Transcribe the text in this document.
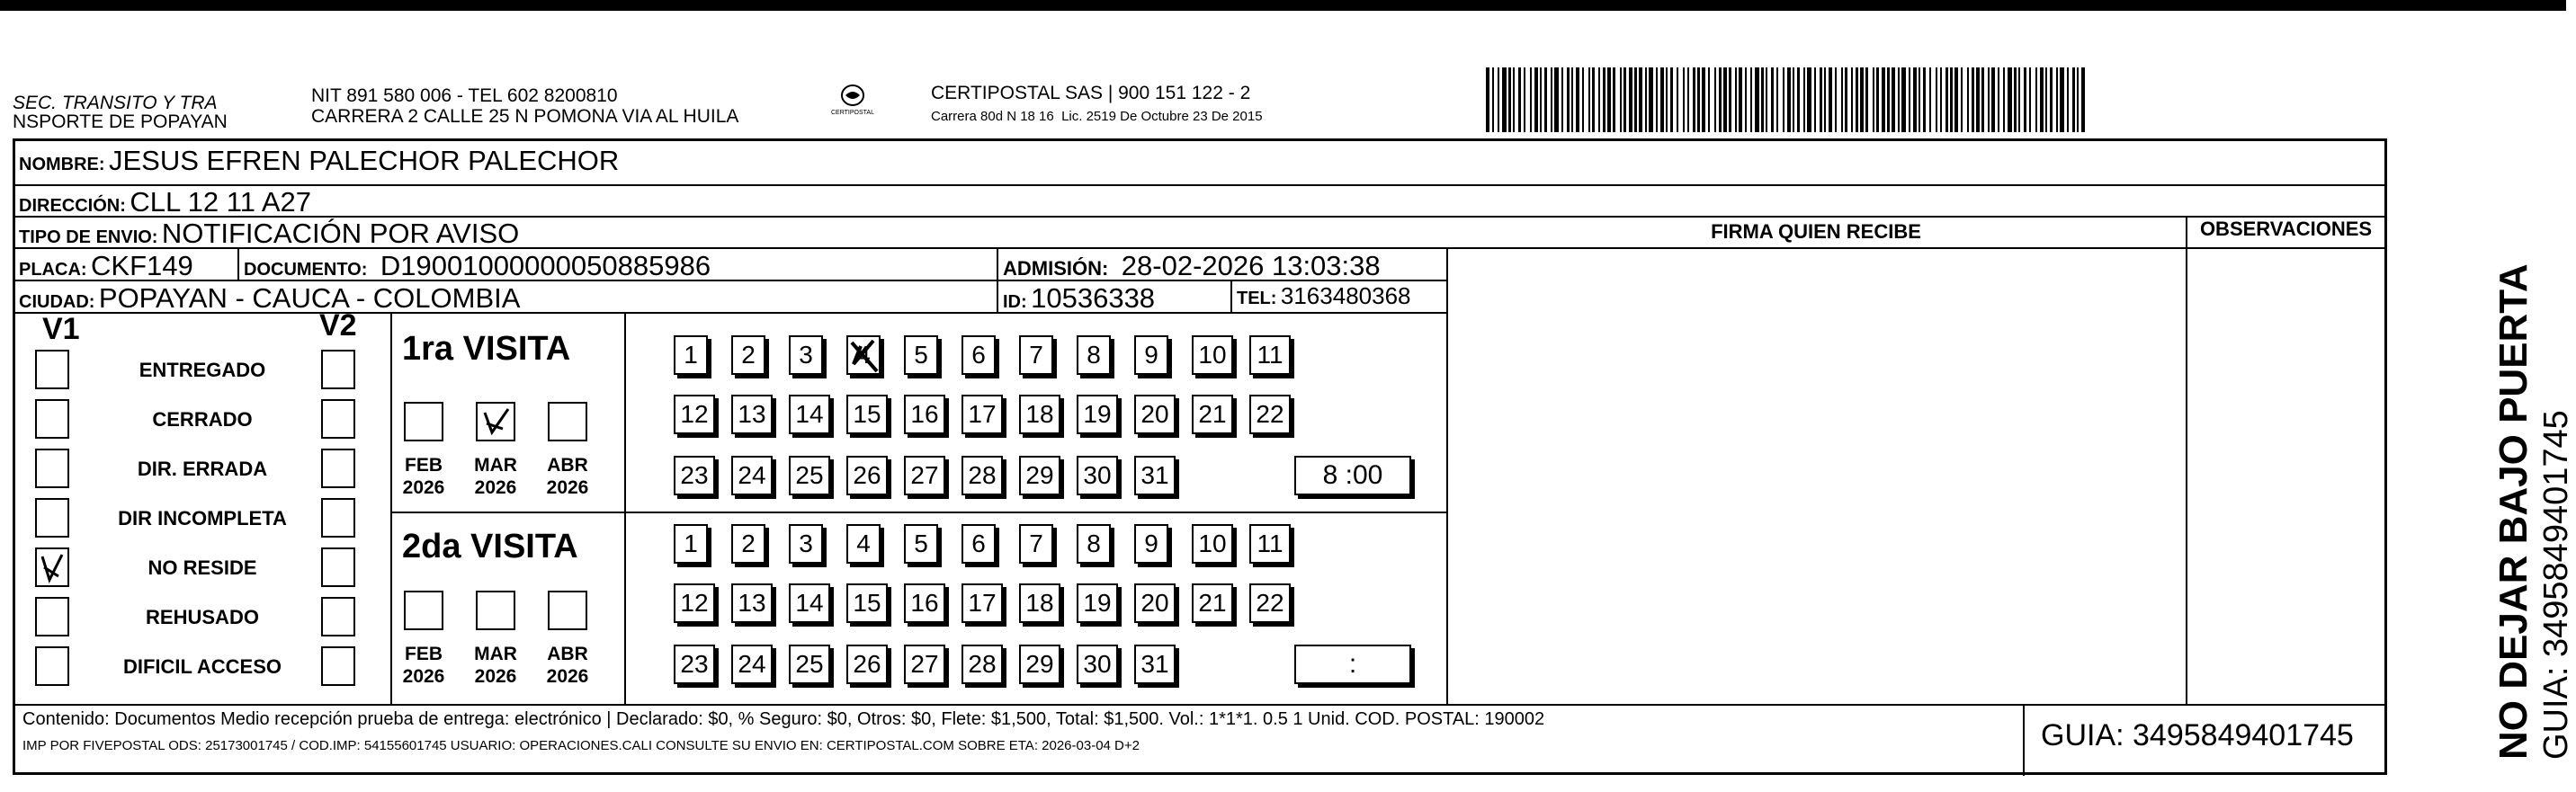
SEC. TRANSITO Y TRA
NSPORTE DE POPAYAN
NIT 891 580 006 - TEL 602 8200810
CARRERA 2 CALLE 25 N POMONA VIA AL HUILA	CERTIPOSTAL
CERTIPOSTAL SAS | 900 151 122 - 2
Carrera 80d N 18 16  Lic. 2519 De Octubre 23 De 2015
NOMBRE: JESUS EFREN PALECHOR PALECHOR
DIRECCIÓN: CLL 12 11 A27
TIPO DE ENVIO: NOTIFICACIÓN POR AVISO
PLACA: CKF149	DOCUMENTO: D19001000000050885986	ADMISIÓN: 28-02-2026 13:03:38
CIUDAD: POPAYAN - CAUCA - COLOMBIA	ID: 10536338	TEL: 3163480368
FIRMA QUIEN RECIBE	OBSERVACIONES
V1	V2
ENTREGADO
CERRADO
DIR. ERRADA
DIR INCOMPLETA
NO RESIDE
REHUSADO
DIFICIL ACCESO
1ra VISITA
2da VISITA
FEB
2026
MAR
2026
ABR
2026
FEB
2026
MAR
2026
ABR
2026
1	2	3	4	5	6	7	8	9	10	11
12 13 14 15 16 17 18 19 20 21 22
23 24 25 26 27 28 29 30 31
1	2	3	4	5	6	7	8	9	10	11
12 13 14 15 16 17 18 19 20 21 22
23 24 25 26 27 28 29 30 31
8 :00
:
Contenido: Documentos Medio recepción prueba de entrega: electrónico | Declarado: $0, % Seguro: $0, Otros: $0, Flete: $1,500, Total: $1,500. Vol.: 1*1*1. 0.5 1 Unid. COD. POSTAL: 190002
IMP POR FIVEPOSTAL ODS: 25173001745 / COD.IMP: 54155601745 USUARIO: OPERACIONES.CALI CONSULTE SU ENVIO EN: CERTIPOSTAL.COM SOBRE ETA: 2026-03-04 D+2	GUIA: 3495849401745	NO DEJAR BAJO PUERTA GUIA: 3495849401745
